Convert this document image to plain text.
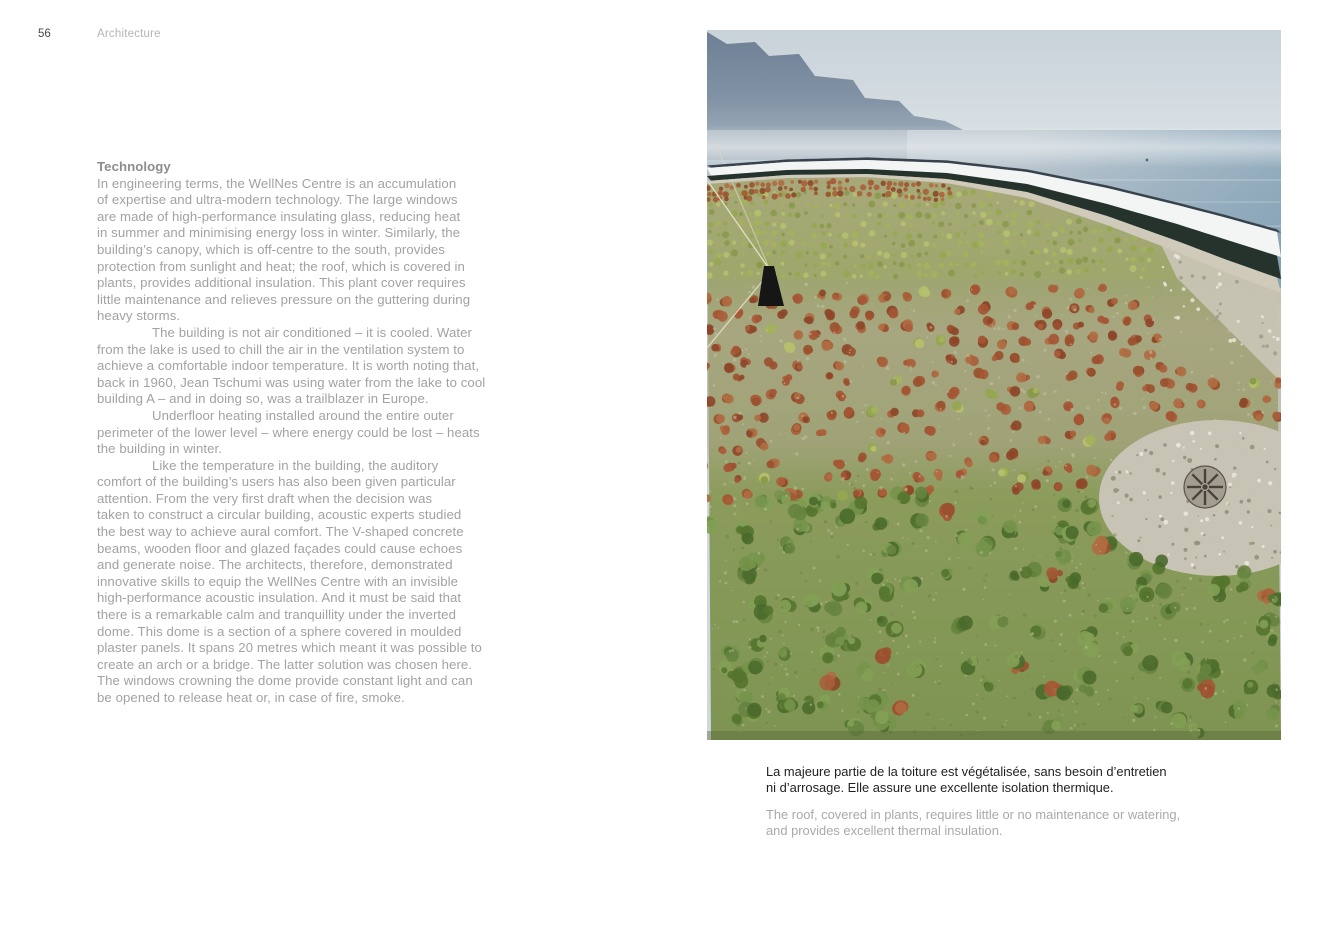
56	Architecture
Technology
In engineering terms, the WellNes Centre is an accumulation
of expertise and ultra-modern technology. The large windows
are made of high-performance insulating glass, reducing heat
in summer and minimising energy loss in winter. Similarly, the
building’s canopy, which is off-centre to the south, provides
protection from sunlight and heat; the roof, which is covered in
plants, provides additional insulation. This plant cover requires
little maintenance and relieves pressure on the guttering during
heavy storms.
The building is not air conditioned – it is cooled. Water
from the lake is used to chill the air in the ventilation system to
achieve a comfortable indoor temperature. It is worth noting that,
back in 1960, Jean Tschumi was using water from the lake to cool
building A – and in doing so, was a trailblazer in Europe.
Underfloor heating installed around the entire outer
perimeter of the lower level – where energy could be lost – heats
the building in winter.
Like the temperature in the building, the auditory
comfort of the building’s users has also been given particular
attention. From the very first draft when the decision was
taken to construct a circular building, acoustic experts studied
the best way to achieve aural comfort. The V-shaped concrete
beams, wooden floor and glazed façades could cause echoes
and generate noise. The architects, therefore, demonstrated
innovative skills to equip the WellNes Centre with an invisible
high-performance acoustic insulation. And it must be said that
there is a remarkable calm and tranquillity under the inverted
dome. This dome is a section of a sphere covered in moulded
plaster panels. It spans 20 metres which meant it was possible to
create an arch or a bridge. The latter solution was chosen here.
The windows crowning the dome provide constant light and can
be opened to release heat or, in case of fire, smoke.
La majeure partie de la toiture est végétalisée, sans besoin d’entretien
ni d’arrosage. Elle assure une excellente isolation thermique.
The roof, covered in plants, requires little or no maintenance or watering,
and provides excellent thermal insulation.
